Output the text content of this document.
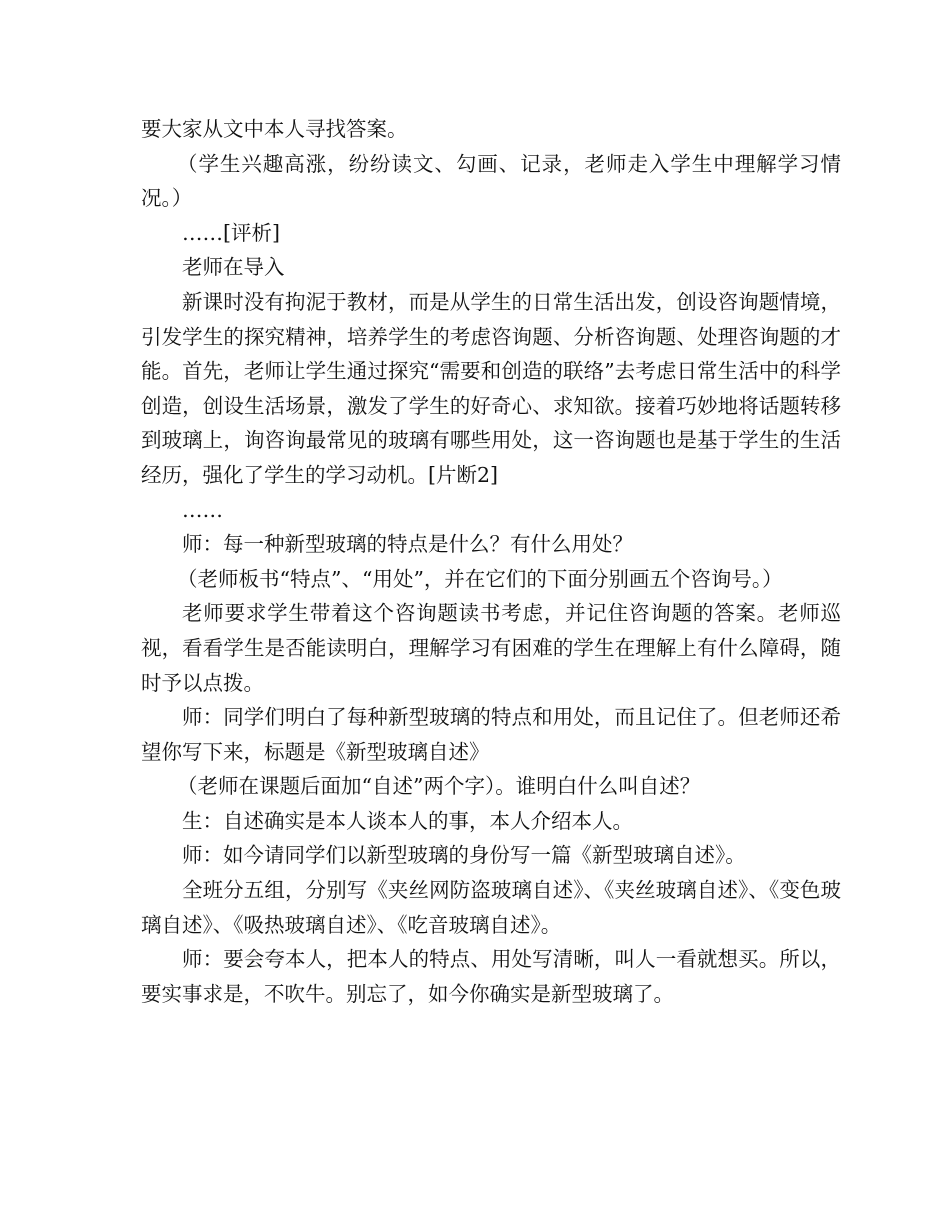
要大家从文中本人寻找答案。

（学生兴趣高涨，纷纷读文、勾画、记录，老师走入学生中理解学习情况。）

……[评析]

老师在导入

新课时没有拘泥于教材，而是从学生的日常生活出发，创设咨询题情境，引发学生的探究精神，培养学生的考虑咨询题、分析咨询题、处理咨询题的才能。首先，老师让学生通过探究“需要和创造的联络”去考虑日常生活中的科学创造，创设生活场景，激发了学生的好奇心、求知欲。接着巧妙地将话题转移到玻璃上，询咨询最常见的玻璃有哪些用处，这一咨询题也是基于学生的生活经历，强化了学生的学习动机。[片断2]

……

师：每一种新型玻璃的特点是什么？有什么用处？

（老师板书“特点”、“用处”，并在它们的下面分别画五个咨询号。）

老师要求学生带着这个咨询题读书考虑，并记住咨询题的答案。老师巡视，看看学生是否能读明白，理解学习有困难的学生在理解上有什么障碍，随时予以点拨。

师：同学们明白了每种新型玻璃的特点和用处，而且记住了。但老师还希望你写下来，标题是《新型玻璃自述》

（老师在课题后面加“自述”两个字）。谁明白什么叫自述？

生：自述确实是本人谈本人的事，本人介绍本人。

师：如今请同学们以新型玻璃的身份写一篇《新型玻璃自述》。

全班分五组，分别写《夹丝网防盗玻璃自述》、《夹丝玻璃自述》、《变色玻璃自述》、《吸热玻璃自述》、《吃音玻璃自述》。

师：要会夸本人，把本人的特点、用处写清晰，叫人一看就想买。所以，要实事求是，不吹牛。别忘了，如今你确实是新型玻璃了。
